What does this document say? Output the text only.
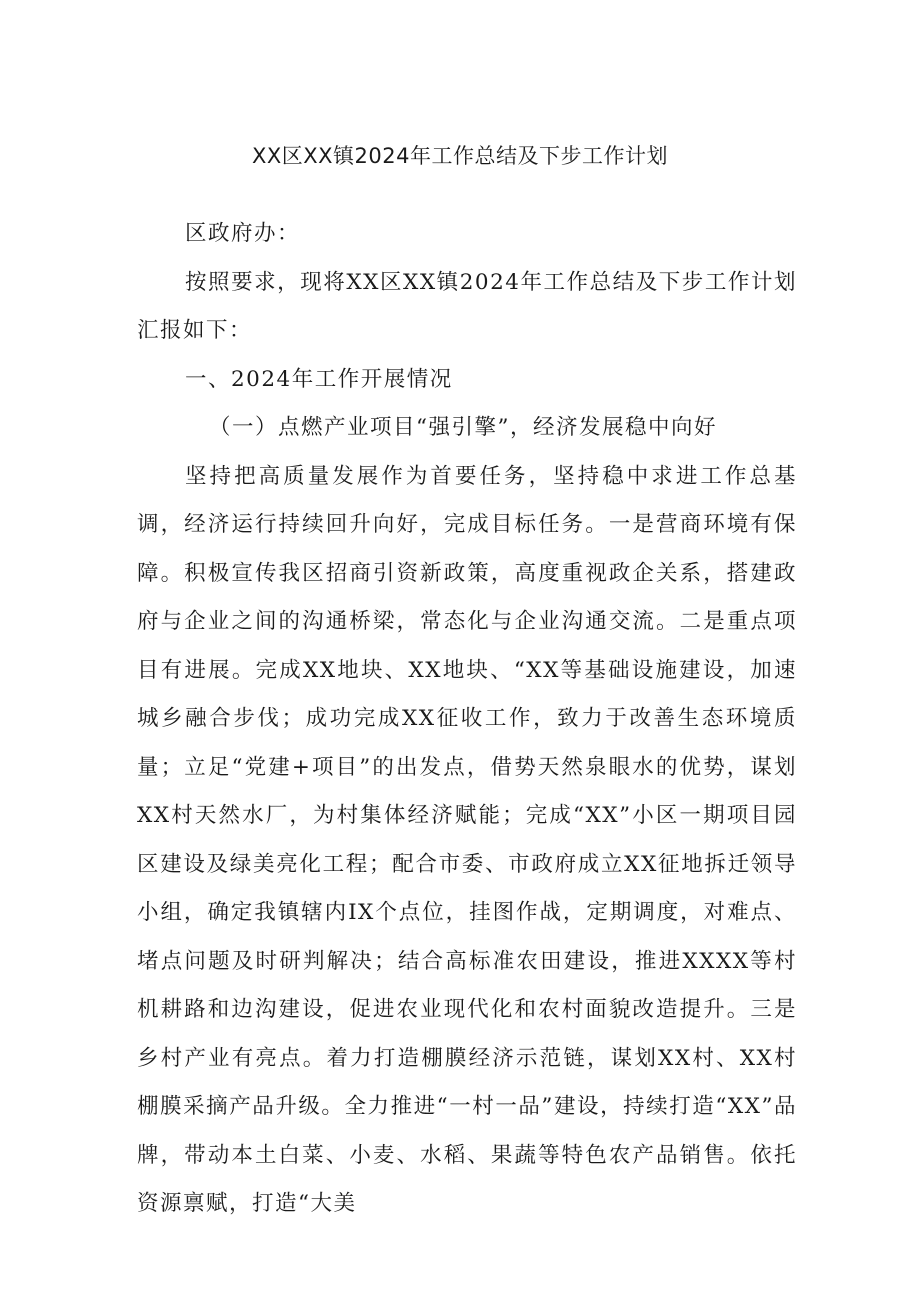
XX区XX镇2024年工作总结及下步工作计划

区政府办：

按照要求，现将XX区XX镇2024年工作总结及下步工作计划汇报如下：

一、2024年工作开展情况

（一）点燃产业项目“强引擎”，经济发展稳中向好

坚持把高质量发展作为首要任务，坚持稳中求进工作总基调，经济运行持续回升向好，完成目标任务。一是营商环境有保障。积极宣传我区招商引资新政策，高度重视政企关系，搭建政府与企业之间的沟通桥梁，常态化与企业沟通交流。二是重点项目有进展。完成XX地块、XX地块、“XX等基础设施建设，加速城乡融合步伐；成功完成XX征收工作，致力于改善生态环境质量；立足“党建+项目”的出发点，借势天然泉眼水的优势，谋划XX村天然水厂，为村集体经济赋能；完成“XX”小区一期项目园区建设及绿美亮化工程；配合市委、市政府成立XX征地拆迁领导小组，确定我镇辖内IX个点位，挂图作战，定期调度，对难点、堵点问题及时研判解决；结合高标准农田建设，推进XXXX等村机耕路和边沟建设，促进农业现代化和农村面貌改造提升。三是乡村产业有亮点。着力打造棚膜经济示范链，谋划XX村、XX村棚膜采摘产品升级。全力推进“一村一品”建设，持续打造“XX”品牌，带动本土白菜、小麦、水稻、果蔬等特色农产品销售。依托资源禀赋，打造“大美
